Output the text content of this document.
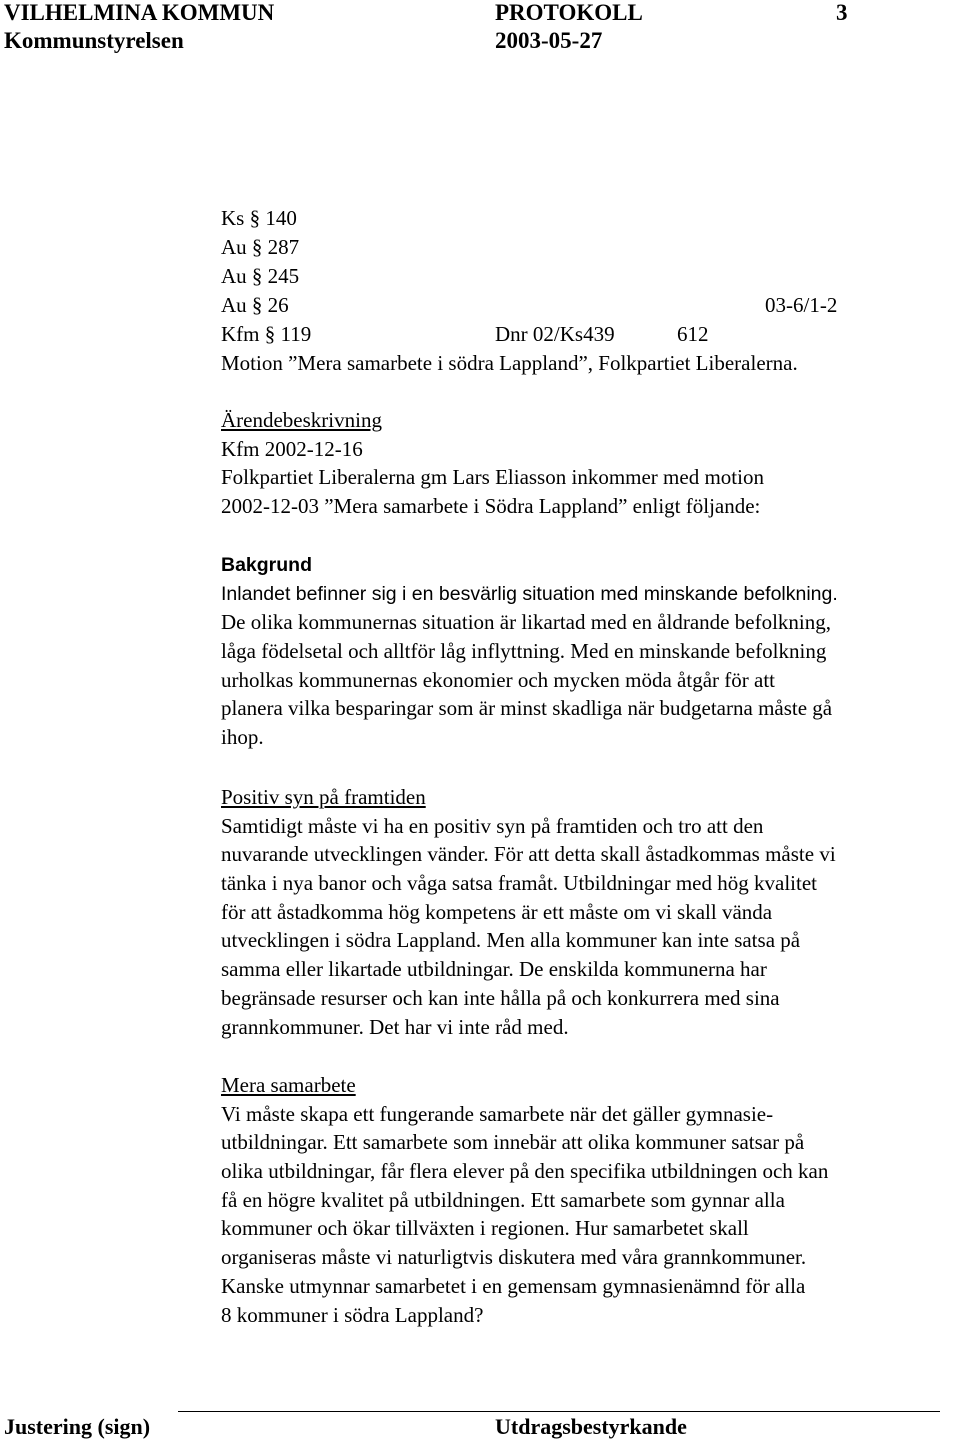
VILHELMINA KOMMUN	PROTOKOLL	3
Kommunstyrelsen	2003-05-27
Ks § 140
Au § 287
Au § 245
Au § 26	03-6/1-2
Kfm § 119	Dnr 02/Ks439	612
Motion ”Mera samarbete i södra Lappland”, Folkpartiet Liberalerna.
Ärendebeskrivning
Kfm 2002-12-16
Folkpartiet Liberalerna gm Lars Eliasson inkommer med motion
2002-12-03 ”Mera samarbete i Södra Lappland” enligt följande:
Bakgrund
Inlandet befinner sig i en besvärlig situation med minskande befolkning.
De olika kommunernas situation är likartad med en åldrande befolkning,
låga födelsetal och alltför låg inflyttning. Med en minskande befolkning
urholkas kommunernas ekonomier och mycken möda åtgår för att
planera vilka besparingar som är minst skadliga när budgetarna måste gå
ihop.
Positiv syn på framtiden
Samtidigt måste vi ha en positiv syn på framtiden och tro att den
nuvarande utvecklingen vänder. För att detta skall åstadkommas måste vi
tänka i nya banor och våga satsa framåt. Utbildningar med hög kvalitet
för att åstadkomma hög kompetens är ett måste om vi skall vända
utvecklingen i södra Lappland. Men alla kommuner kan inte satsa på
samma eller likartade utbildningar. De enskilda kommunerna har
begränsade resurser och kan inte hålla på och konkurrera med sina
grannkommuner. Det har vi inte råd med.
Mera samarbete
Vi måste skapa ett fungerande samarbete när det gäller gymnasie-
utbildningar. Ett samarbete som innebär att olika kommuner satsar på
olika utbildningar, får flera elever på den specifika utbildningen och kan
få en högre kvalitet på utbildningen. Ett samarbete som gynnar alla
kommuner och ökar tillväxten i regionen. Hur samarbetet skall
organiseras måste vi naturligtvis diskutera med våra grannkommuner.
Kanske utmynnar samarbetet i en gemensam gymnasienämnd för alla
8 kommuner i södra Lappland?
Justering (sign)	Utdragsbestyrkande
